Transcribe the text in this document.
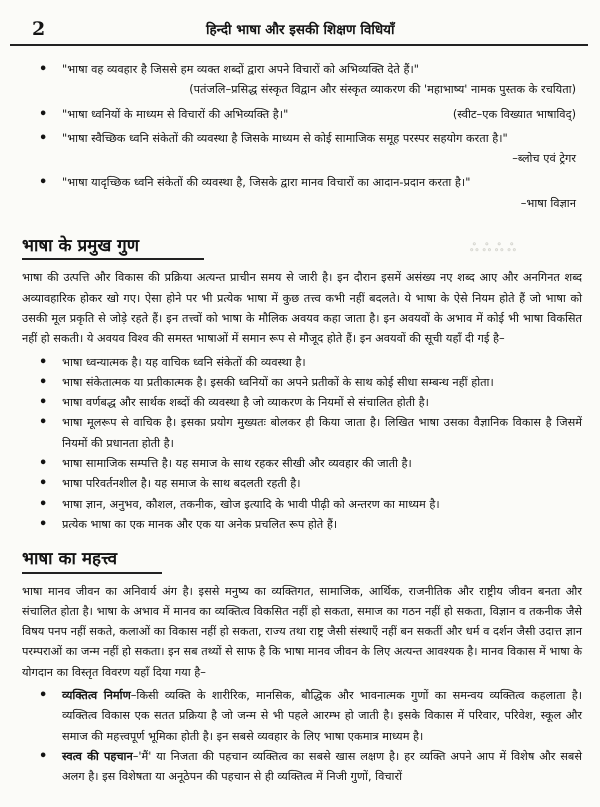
ஃ ஃ ஃ ஃ
2	हिन्दी भाषा और इसकी शिक्षण विधियाँ
• "भाषा वह व्यवहार है जिससे हम व्यक्त शब्दों द्वारा अपने विचारों को अभिव्यक्ति देते हैं।"

(पतंजलि–प्रसिद्ध संस्कृत विद्वान और संस्कृत व्याकरण की 'महाभाष्य' नामक पुस्तक के रचयिता)

• "भाषा ध्वनियों के माध्यम से विचारों की अभिव्यक्ति है।"	(स्वीट–एक विख्यात भाषाविद्)

• "भाषा स्वैच्छिक ध्वनि संकेतों की व्यवस्था है जिसके माध्यम से कोई सामाजिक समूह परस्पर सहयोग करता है।"

–ब्लोच एवं ट्रेगर

• "भाषा यादृच्छिक ध्वनि संकेतों की व्यवस्था है, जिसके द्वारा मानव विचारों का आदान-प्रदान करता है।"

–भाषा विज्ञान

भाषा के प्रमुख गुण

भाषा की उत्पत्ति और विकास की प्रक्रिया अत्यन्त प्राचीन समय से जारी है। इन दौरान इसमें असंख्य नए शब्द आए और अनगिनत शब्द अव्यावहारिक होकर खो गए। ऐसा होने पर भी प्रत्येक भाषा में कुछ तत्त्व कभी नहीं बदलते। ये भाषा के ऐसे नियम होते हैं जो भाषा को उसकी मूल प्रकृति से जोड़े रहते हैं। इन तत्त्वों को भाषा के मौलिक अवयव कहा जाता है। इन अवयवों के अभाव में कोई भी भाषा विकसित नहीं हो सकती। ये अवयव विश्व की समस्त भाषाओं में समान रूप से मौजूद होते हैं। इन अवयवों की सूची यहाँ दी गई है–

• भाषा ध्वन्यात्मक है। यह वाचिक ध्वनि संकेतों की व्यवस्था है।
• भाषा संकेतात्मक या प्रतीकात्मक है। इसकी ध्वनियों का अपने प्रतीकों के साथ कोई सीधा सम्बन्ध नहीं होता।
• भाषा वर्णबद्ध और सार्थक शब्दों की व्यवस्था है जो व्याकरण के नियमों से संचालित होती है।
• भाषा मूलरूप से वाचिक है। इसका प्रयोग मुख्यतः बोलकर ही किया जाता है। लिखित भाषा उसका वैज्ञानिक विकास है जिसमें नियमों की प्रधानता होती है।
• भाषा सामाजिक सम्पत्ति है। यह समाज के साथ रहकर सीखी और व्यवहार की जाती है।
• भाषा परिवर्तनशील है। यह समाज के साथ बदलती रहती है।
• भाषा ज्ञान, अनुभव, कौशल, तकनीक, खोज इत्यादि के भावी पीढ़ी को अन्तरण का माध्यम है।
• प्रत्येक भाषा का एक मानक और एक या अनेक प्रचलित रूप होते हैं।
भाषा का महत्त्व

भाषा मानव जीवन का अनिवार्य अंग है। इससे मनुष्य का व्यक्तिगत, सामाजिक, आर्थिक, राजनीतिक और राष्ट्रीय जीवन बनता और संचालित होता है। भाषा के अभाव में मानव का व्यक्तित्व विकसित नहीं हो सकता, समाज का गठन नहीं हो सकता, विज्ञान व तकनीक जैसे विषय पनप नहीं सकते, कलाओं का विकास नहीं हो सकता, राज्य तथा राष्ट्र जैसी संस्थाएँ नहीं बन सकतीं और धर्म व दर्शन जैसी उदात्त ज्ञान परम्पराओं का जन्म नहीं हो सकता। इन सब तथ्यों से साफ है कि भाषा मानव जीवन के लिए अत्यन्त आवश्यक है। मानव विकास में भाषा के योगदान का विस्तृत विवरण यहाँ दिया गया है–

• व्यक्तित्व निर्माण–किसी व्यक्ति के शारीरिक, मानसिक, बौद्धिक और भावनात्मक गुणों का समन्वय व्यक्तित्व कहलाता है। व्यक्तित्व विकास एक सतत प्रक्रिया है जो जन्म से भी पहले आरम्भ हो जाती है। इसके विकास में परिवार, परिवेश, स्कूल और समाज की महत्त्वपूर्ण भूमिका होती है। इन सबसे व्यवहार के लिए भाषा एकमात्र माध्यम है।
• स्वत्व की पहचान–'मैं' या निजता की पहचान व्यक्तित्व का सबसे खास लक्षण है। हर व्यक्ति अपने आप में विशेष और सबसे अलग है। इस विशेषता या अनूठेपन की पहचान से ही व्यक्तित्व में निजी गुणों, विचारों
